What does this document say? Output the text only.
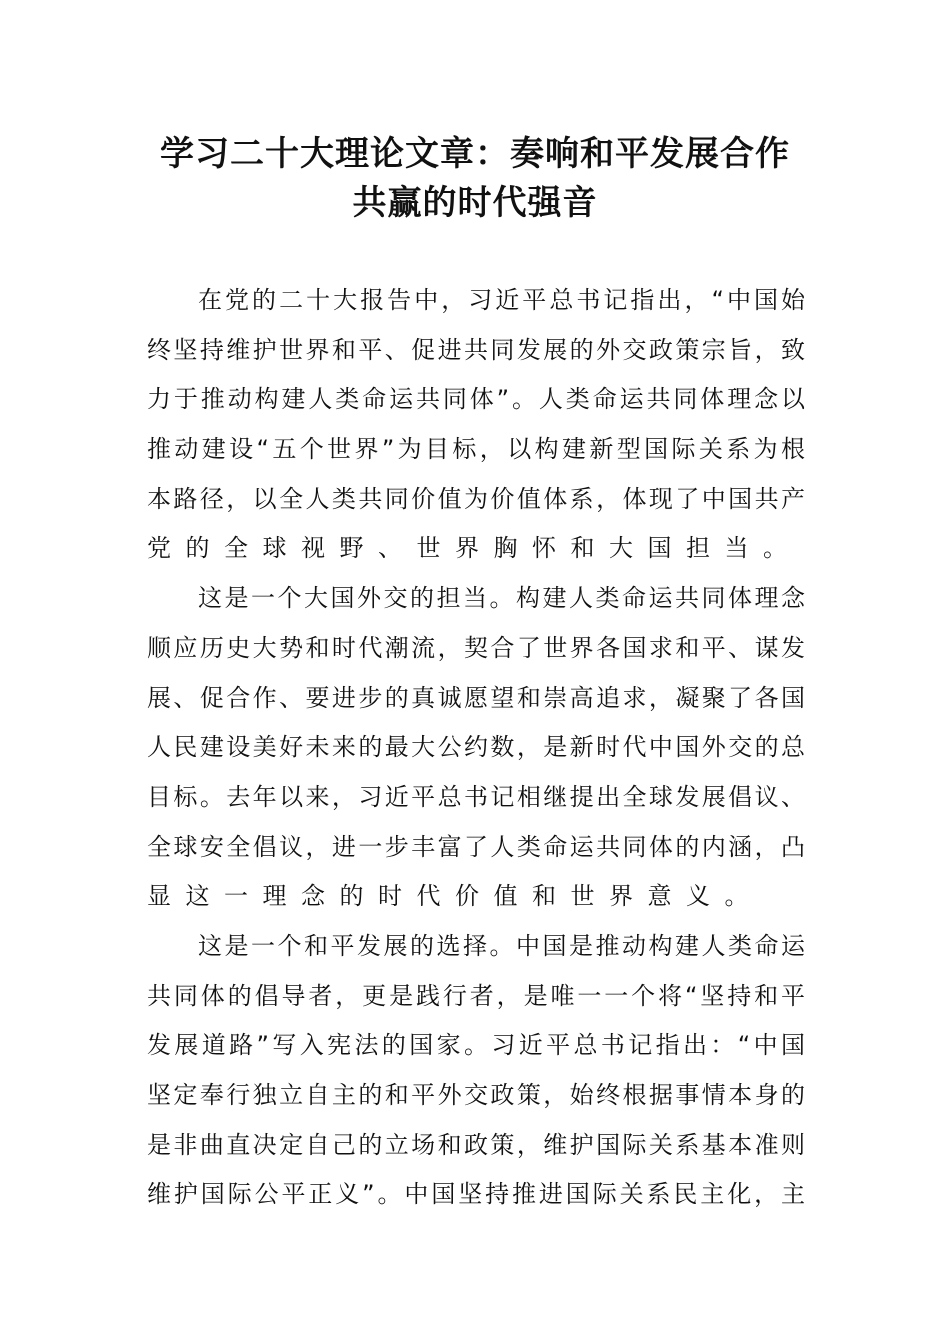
学习二十大理论文章：奏响和平发展合作
共赢的时代强音
在党的二十大报告中，习近平总书记指出，“中国始
终坚持维护世界和平、促进共同发展的外交政策宗旨，致
力于推动构建人类命运共同体”。人类命运共同体理念以
推动建设“五个世界”为目标，以构建新型国际关系为根
本路径，以全人类共同价值为价值体系，体现了中国共产
党的全球视野、世界胸怀和大国担当。
这是一个大国外交的担当。构建人类命运共同体理念
顺应历史大势和时代潮流，契合了世界各国求和平、谋发
展、促合作、要进步的真诚愿望和崇高追求，凝聚了各国
人民建设美好未来的最大公约数，是新时代中国外交的总
目标。去年以来，习近平总书记相继提出全球发展倡议、
全球安全倡议，进一步丰富了人类命运共同体的内涵，凸
显这一理念的时代价值和世界意义。
这是一个和平发展的选择。中国是推动构建人类命运
共同体的倡导者，更是践行者，是唯一一个将“坚持和平
发展道路”写入宪法的国家。习近平总书记指出：“中国
坚定奉行独立自主的和平外交政策，始终根据事情本身的
是非曲直决定自己的立场和政策，维护国际关系基本准则
维护国际公平正义”。中国坚持推进国际关系民主化，主
